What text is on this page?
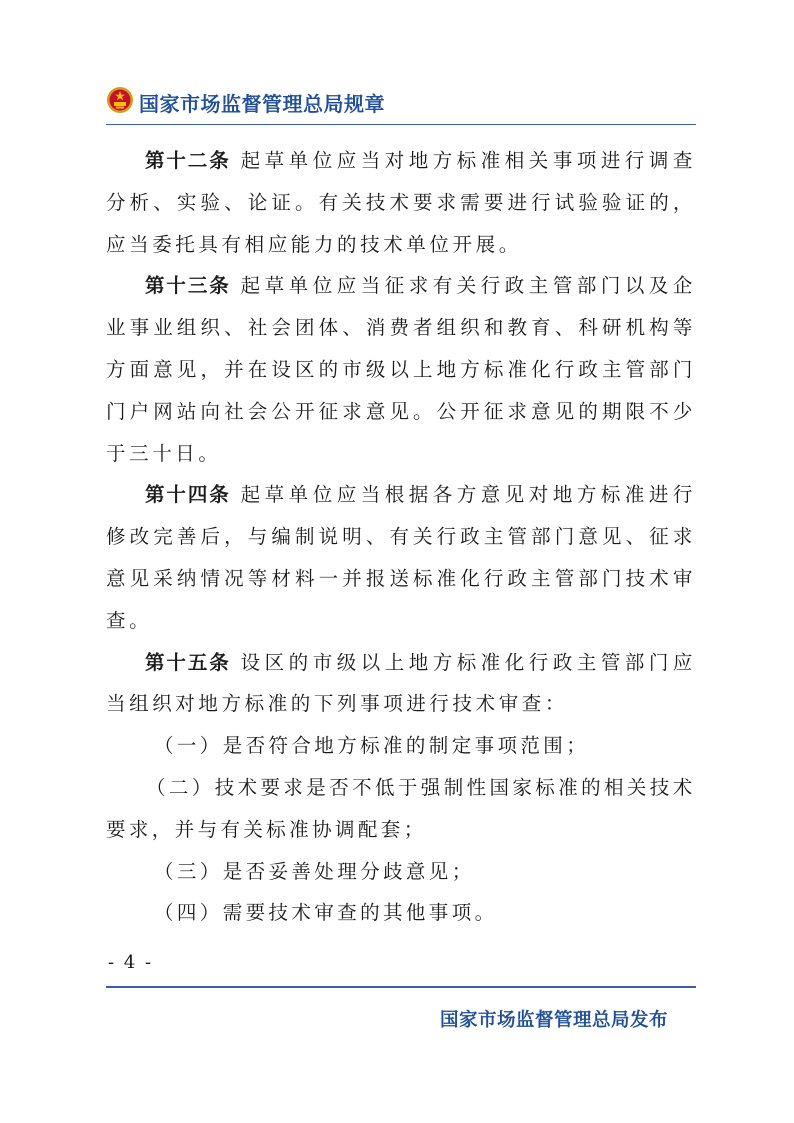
国家市场监督管理总局规章

第十二条 起草单位应当对地方标准相关事项进行调查分析、实验、论证。有关技术要求需要进行试验验证的，应当委托具有相应能力的技术单位开展。

第十三条 起草单位应当征求有关行政主管部门以及企业事业组织、社会团体、消费者组织和教育、科研机构等方面意见，并在设区的市级以上地方标准化行政主管部门门户网站向社会公开征求意见。公开征求意见的期限不少于三十日。

第十四条 起草单位应当根据各方意见对地方标准进行修改完善后，与编制说明、有关行政主管部门意见、征求意见采纳情况等材料一并报送标准化行政主管部门技术审查。

第十五条 设区的市级以上地方标准化行政主管部门应当组织对地方标准的下列事项进行技术审查：

（一）是否符合地方标准的制定事项范围；

（二）技术要求是否不低于强制性国家标准的相关技术要求，并与有关标准协调配套；

（三）是否妥善处理分歧意见；

（四）需要技术审查的其他事项。

- 4 -
国家市场监督管理总局发布
